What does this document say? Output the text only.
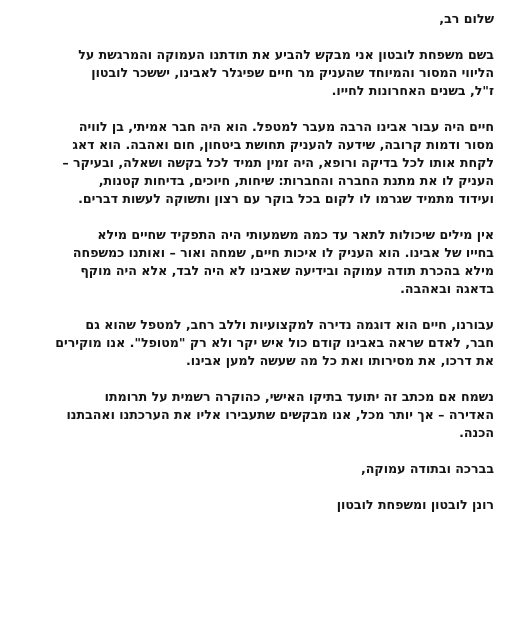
שלום רב,

בשם משפחת לובטון אני מבקש להביע את תודתנו העמוקה והמרגשת על
הליווי המסור והמיוחד שהעניק מר חיים שפיגלר לאבינו, יששכר לובטון
ז"ל, בשנים האחרונות לחייו.

חיים היה עבור אבינו הרבה מעבר למטפל. הוא היה חבר אמיתי, בן לוויה
מסור ודמות קרובה, שידעה להעניק תחושת ביטחון, חום ואהבה. הוא דאג
לקחת אותו לכל בדיקה ורופא, היה זמין תמיד לכל בקשה ושאלה, ובעיקר –
העניק לו את מתנת החברה והחברות: שיחות, חיוכים, בדיחות קטנות,
ועידוד מתמיד שגרמו לו לקום בכל בוקר עם רצון ותשוקה לעשות דברים.

אין מילים שיכולות לתאר עד כמה משמעותי היה התפקיד שחיים מילא
בחייו של אבינו. הוא העניק לו איכות חיים, שמחה ואור – ואותנו כמשפחה
מילא בהכרת תודה עמוקה ובידיעה שאבינו לא היה לבד, אלא היה מוקף
בדאגה ובאהבה.

עבורנו, חיים הוא דוגמה נדירה למקצועיות וללב רחב, למטפל שהוא גם
חבר, לאדם שראה באבינו קודם כול איש יקר ולא רק "מטופל". אנו מוקירים
את דרכו, את מסירותו ואת כל מה שעשה למען אבינו.

נשמח אם מכתב זה יתועד בתיקו האישי, כהוקרה רשמית על תרומתו
האדירה – אך יותר מכל, אנו מבקשים שתעבירו אליו את הערכתנו ואהבתנו
הכנה.

בברכה ובתודה עמוקה,

רונן לובטון ומשפחת לובטון
